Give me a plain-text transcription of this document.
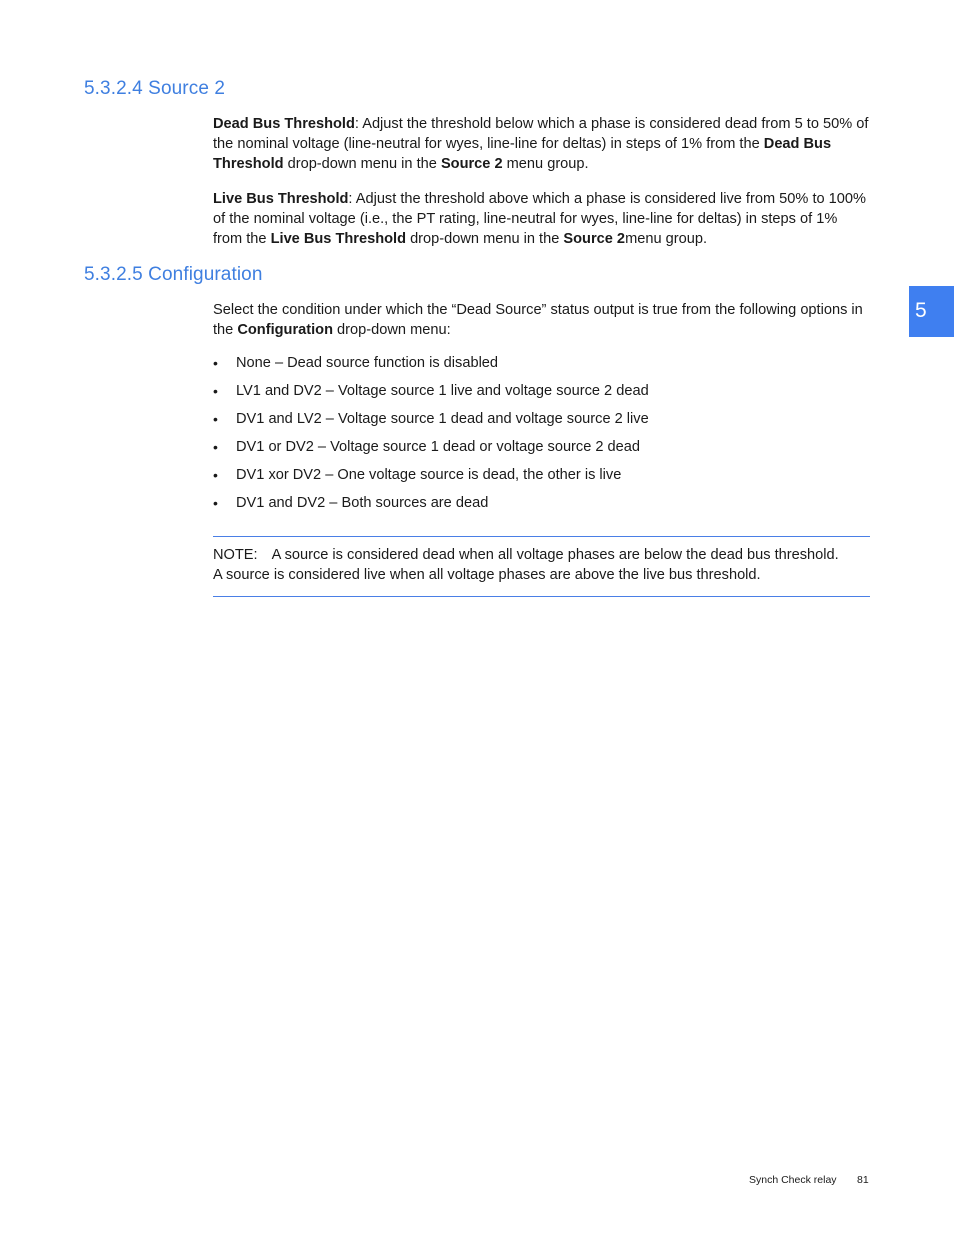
5.3.2.4 Source 2

Dead Bus Threshold: Adjust the threshold below which a phase is considered dead from 5 to 50% of the nominal voltage (line-neutral for wyes, line-line for deltas) in steps of 1% from the Dead Bus Threshold drop-down menu in the Source 2 menu group.

Live Bus Threshold: Adjust the threshold above which a phase is considered live from 50% to 100% of the nominal voltage (i.e., the PT rating, line-neutral for wyes, line-line for deltas) in steps of 1% from the Live Bus Threshold drop-down menu in the Source 2menu group.

5.3.2.5 Configuration

Select the condition under which the “Dead Source” status output is true from the following options in the Configuration drop-down menu:

• None – Dead source function is disabled
• LV1 and DV2 – Voltage source 1 live and voltage source 2 dead
• DV1 and LV2 – Voltage source 1 dead and voltage source 2 live
• DV1 or DV2 – Voltage source 1 dead or voltage source 2 dead
• DV1 xor DV2 – One voltage source is dead, the other is live
• DV1 and DV2 – Both sources are dead
NOTE: A source is considered dead when all voltage phases are below the dead bus threshold.
A source is considered live when all voltage phases are above the live bus threshold.
5
Synch Check relay 81
